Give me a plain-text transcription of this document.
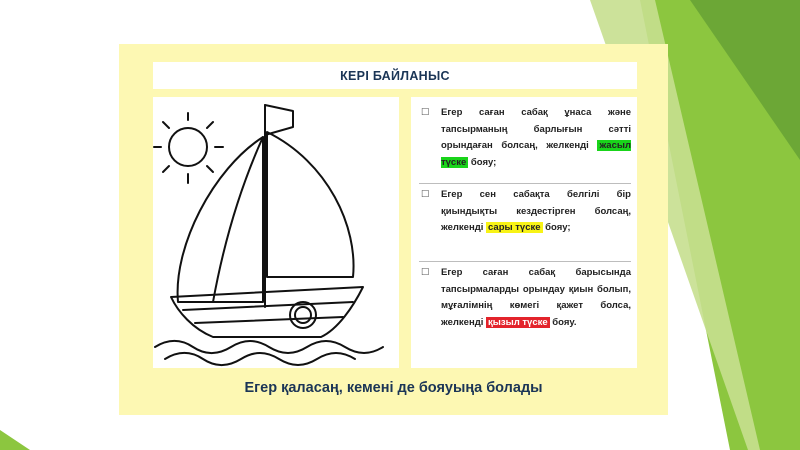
КЕРІ БАЙЛАНЫС
☐ Егер саған сабақ ұнаса және тапсырманың барлығын сәтті орындаған болсаң, желкенді жасыл түске бояу;
☐ Егер сен сабақта белгілі бір қиындықты кездестірген болсаң, желкенді сары түске бояу;
☐ Егер саған сабақ барысында тапсырмаларды орындау қиын болып, мұғалімнің көмегі қажет болса, желкенді қызыл түске бояу.
Егер қаласаң, кемені де бояуыңа болады
